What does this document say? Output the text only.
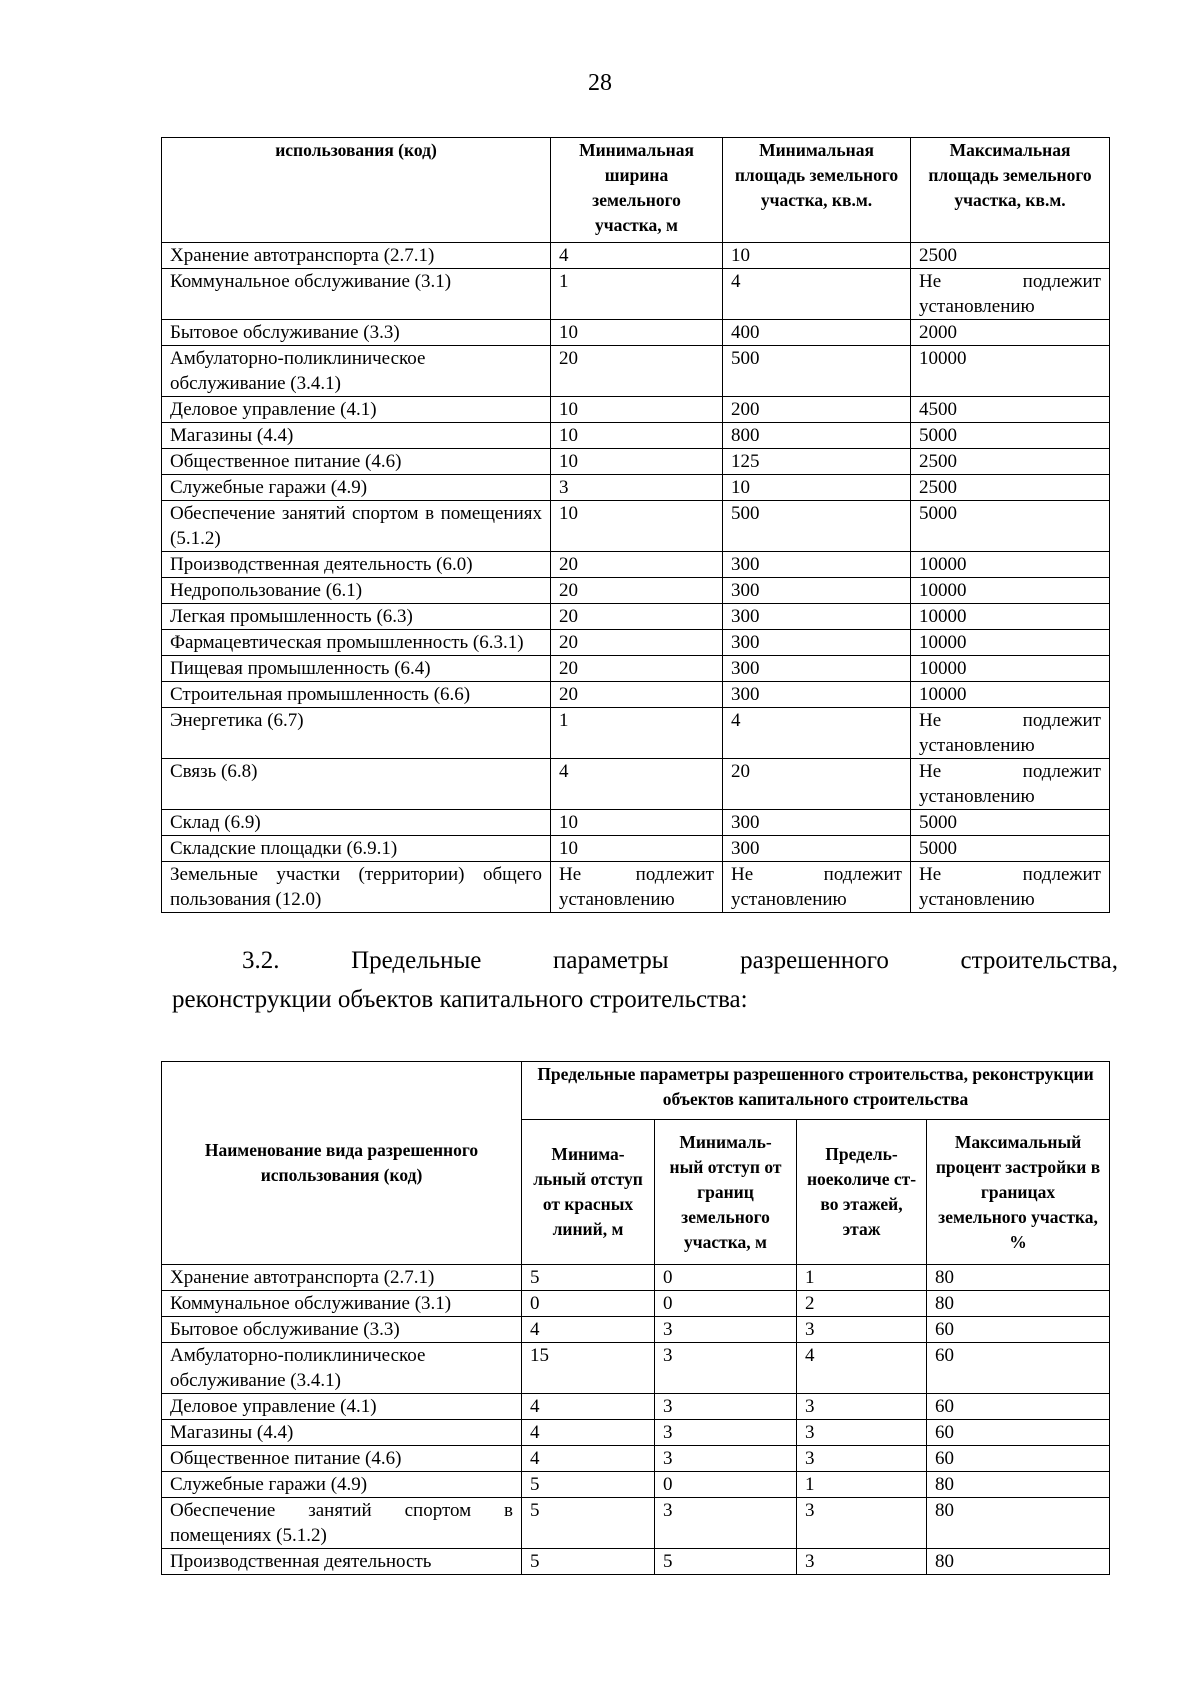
28
использования (код)	Минимальная ширина земельного участка, м	Минимальная площадь земельного участка, кв.м.	Максимальная площадь земельного участка, кв.м.
Хранение автотранспорта (2.7.1)	4	10	2500
Коммунальное обслуживание (3.1)	1	4	Не подлежит установлению
Бытовое обслуживание (3.3)	10	400	2000
Амбулаторно-поликлиническое обслуживание (3.4.1)	20	500	10000
Деловое управление (4.1)	10	200	4500
Магазины (4.4)	10	800	5000
Общественное питание (4.6)	10	125	2500
Служебные гаражи (4.9)	3	10	2500
Обеспечение занятий спортом в помещениях (5.1.2)	10	500	5000
Производственная деятельность (6.0)	20	300	10000
Недропользование (6.1)	20	300	10000
Легкая промышленность (6.3)	20	300	10000
Фармацевтическая промышленность (6.3.1)	20	300	10000
Пищевая промышленность (6.4)	20	300	10000
Строительная промышленность (6.6)	20	300	10000
Энергетика (6.7)	1	4	Не подлежит установлению
Связь (6.8)	4	20	Не подлежит установлению
Склад (6.9)	10	300	5000
Складские площадки (6.9.1)	10	300	5000
Земельные участки (территории) общего пользования (12.0)	Не подлежит установлению	Не подлежит установлению	Не подлежит установлению
3.2. Предельные параметры разрешенного строительства,
реконструкции объектов капитального строительства:
Наименование вида разрешенного использования (код)	Предельные параметры разрешенного строительства, реконструкции объектов капитального строительства			
	Минима-льный отступ от красных линий, м	Минималь-ный отступ от границ земельного участка, м	Предель-ноеколиче ст-во этажей, этаж	Максимальный процент застройки в границах земельного участка, %
Хранение автотранспорта (2.7.1)	5	0	1	80
Коммунальное обслуживание (3.1)	0	0	2	80
Бытовое обслуживание (3.3)	4	3	3	60
Амбулаторно-поликлиническое обслуживание (3.4.1)	15	3	4	60
Деловое управление (4.1)	4	3	3	60
Магазины (4.4)	4	3	3	60
Общественное питание (4.6)	4	3	3	60
Служебные гаражи (4.9)	5	0	1	80
Обеспечение занятий спортом в помещениях (5.1.2)	5	3	3	80
Производственная деятельность	5	5	3	80
